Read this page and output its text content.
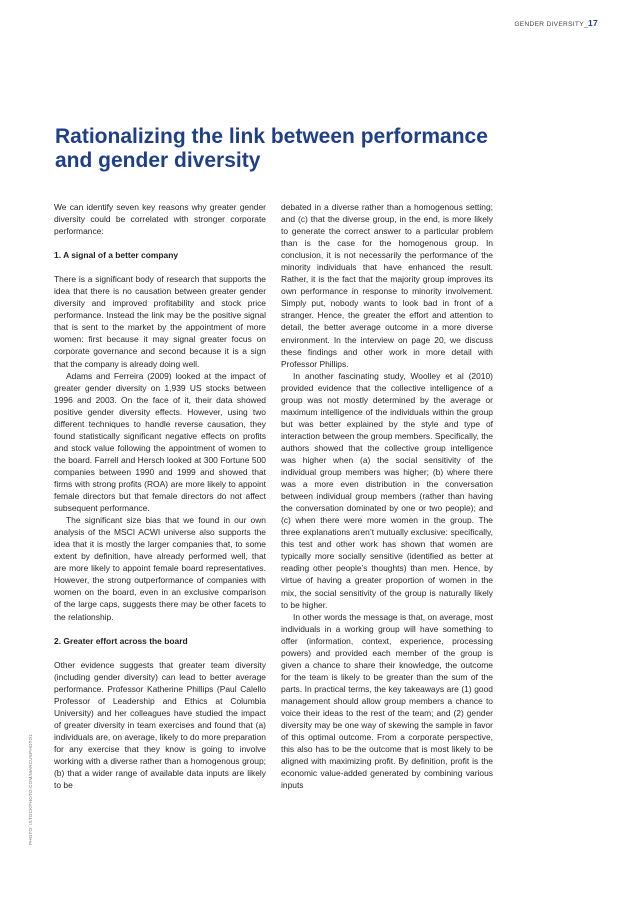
GENDER DIVERSITY_17
Rationalizing the link between performance and gender diversity

We can identify seven key reasons why greater gender diversity could be correlated with stronger corporate performance:

1. A signal of a better company

There is a significant body of research that supports the idea that there is no causation between greater gender diversity and improved profitability and stock price performance. Instead the link may be the positive signal that is sent to the market by the appointment of more women: first because it may signal greater focus on corporate governance and second because it is a sign that the company is already doing well.

Adams and Ferreira (2009) looked at the impact of greater gender diversity on 1,939 US stocks between 1996 and 2003. On the face of it, their data showed positive gender diversity effects. However, using two different techniques to handle reverse causation, they found statistically significant negative effects on profits and stock value following the appointment of women to the board. Farrell and Hersch looked at 300 Fortune 500 companies between 1990 and 1999 and showed that firms with strong profits (ROA) are more likely to appoint female directors but that female directors do not affect subsequent performance.

The significant size bias that we found in our own analysis of the MSCI ACWI universe also supports the idea that it is mostly the larger companies that, to some extent by definition, have already performed well, that are more likely to appoint female board representatives. However, the strong outperformance of companies with women on the board, even in an exclusive comparison of the large caps, suggests there may be other facets to the relationship.

2. Greater effort across the board

Other evidence suggests that greater team diversity (including gender diversity) can lead to better average performance. Professor Katherine Phillips (Paul Calello Professor of Leadership and Ethics at Columbia University) and her colleagues have studied the impact of greater diversity in team exercises and found that (a) individuals are, on average, likely to do more preparation for any exercise that they know is going to involve working with a diverse rather than a homogenous group; (b) that a wider range of available data inputs are likely to be

debated in a diverse rather than a homogenous setting; and (c) that the diverse group, in the end, is more likely to generate the correct answer to a particular problem than is the case for the homogenous group. In conclusion, it is not necessarily the performance of the minority individuals that have enhanced the result. Rather, it is the fact that the majority group improves its own performance in response to minority involvement. Simply put, nobody wants to look bad in front of a stranger. Hence, the greater the effort and attention to detail, the better average outcome in a more diverse environment. In the interview on page 20, we discuss these findings and other work in more detail with Professor Phillips.

In another fascinating study, Woolley et al (2010) provided evidence that the collective intelligence of a group was not mostly determined by the average or maximum intelligence of the individuals within the group but was better explained by the style and type of interaction between the group members. Specifically, the authors showed that the collective group intelligence was higher when (a) the social sensitivity of the individual group members was higher; (b) where there was a more even distribution in the conversation between individual group members (rather than having the conversation dominated by one or two people); and (c) when there were more women in the group. The three explanations aren’t mutually exclusive: specifically, this test and other work has shown that women are typically more socially sensitive (identified as better at reading other people’s thoughts) than men. Hence, by virtue of having a greater proportion of women in the mix, the social sensitivity of the group is naturally likely to be higher.

In other words the message is that, on average, most individuals in a working group will have something to offer (information, context, experience, processing powers) and provided each member of the group is given a chance to share their knowledge, the outcome for the team is likely to be greater than the sum of the parts. In practical terms, the key takeaways are (1) good management should allow group members a chance to voice their ideas to the rest of the team; and (2) gender diversity may be one way of skewing the sample in favor of this optimal outcome. From a corporate perspective, this also has to be the outcome that is most likely to be aligned with maximizing profit. By definition, profit is the economic value-added generated by combining various inputs

PHOTO: ISTOCKPHOTO.COM/MARCUSPHOTO1
